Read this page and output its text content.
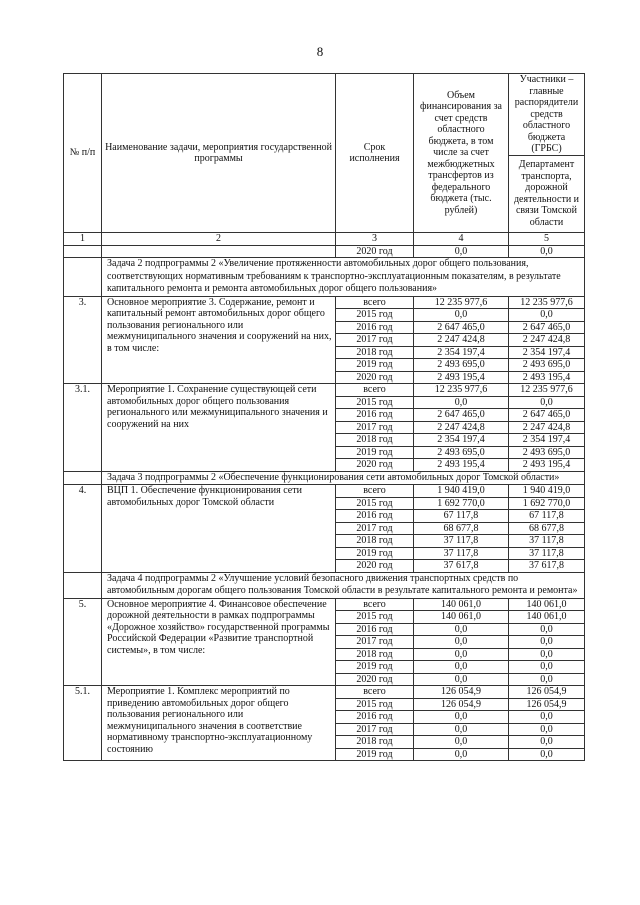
8
№ п/п	Наименование задачи, мероприятия государственной программы	Срок исполнения	Объем финансирования за счет средств областного бюджета, в том числе за счет межбюджетных трансфертов из федерального бюджета (тыс. рублей)	Участники – главные распорядители средств областного бюджета (ГРБС)
				Департамент транспорта, дорожной деятельности и связи Томской области
1	2	3	4	5
		2020 год	0,0	0,0
	Задача 2 подпрограммы 2 «Увеличение протяженности автомобильных дорог общего пользования, соответствующих нормативным требованиям к транспортно-эксплуатационным показателям, в результате капитального ремонта и ремонта автомобильных дорог общего пользования»			
3.	Основное мероприятие 3. Содержание, ремонт и капитальный ремонт автомобильных дорог общего пользования регионального или межмуниципального значения и сооружений на них, в том числе:	всего	12 235 977,6	12 235 977,6
		2015 год	0,0	0,0
		2016 год	2 647 465,0	2 647 465,0
		2017 год	2 247 424,8	2 247 424,8
		2018 год	2 354 197,4	2 354 197,4
		2019 год	2 493 695,0	2 493 695,0
		2020 год	2 493 195,4	2 493 195,4
3.1.	Мероприятие 1. Сохранение существующей сети автомобильных дорог общего пользования регионального или межмуниципального значения и сооружений на них	всего	12 235 977,6	12 235 977,6
		2015 год	0,0	0,0
		2016 год	2 647 465,0	2 647 465,0
		2017 год	2 247 424,8	2 247 424,8
		2018 год	2 354 197,4	2 354 197,4
		2019 год	2 493 695,0	2 493 695,0
		2020 год	2 493 195,4	2 493 195,4
	Задача 3 подпрограммы 2 «Обеспечение функционирования сети автомобильных дорог Томской области»			
4.	ВЦП 1. Обеспечение функционирования сети автомобильных дорог Томской области	всего	1 940 419,0	1 940 419,0
		2015 год	1 692 770,0	1 692 770,0
		2016 год	67 117,8	67 117,8
		2017 год	68 677,8	68 677,8
		2018 год	37 117,8	37 117,8
		2019 год	37 117,8	37 117,8
		2020 год	37 617,8	37 617,8
	Задача 4 подпрограммы 2 «Улучшение условий безопасного движения транспортных средств по автомобильным дорогам общего пользования Томской области в результате капитального ремонта и ремонта»			
5.	Основное мероприятие 4. Финансовое обеспечение дорожной деятельности в рамках подпрограммы «Дорожное хозяйство» государственной программы Российской Федерации «Развитие транспортной системы», в том числе:	всего	140 061,0	140 061,0
		2015 год	140 061,0	140 061,0
		2016 год	0,0	0,0
		2017 год	0,0	0,0
		2018 год	0,0	0,0
		2019 год	0,0	0,0
		2020 год	0,0	0,0
5.1.	Мероприятие 1. Комплекс мероприятий по приведению автомобильных дорог общего пользования регионального или межмуниципального значения в соответствие нормативному транспортно-эксплуатационному состоянию	всего	126 054,9	126 054,9
		2015 год	126 054,9	126 054,9
		2016 год	0,0	0,0
		2017 год	0,0	0,0
		2018 год	0,0	0,0
		2019 год	0,0	0,0
